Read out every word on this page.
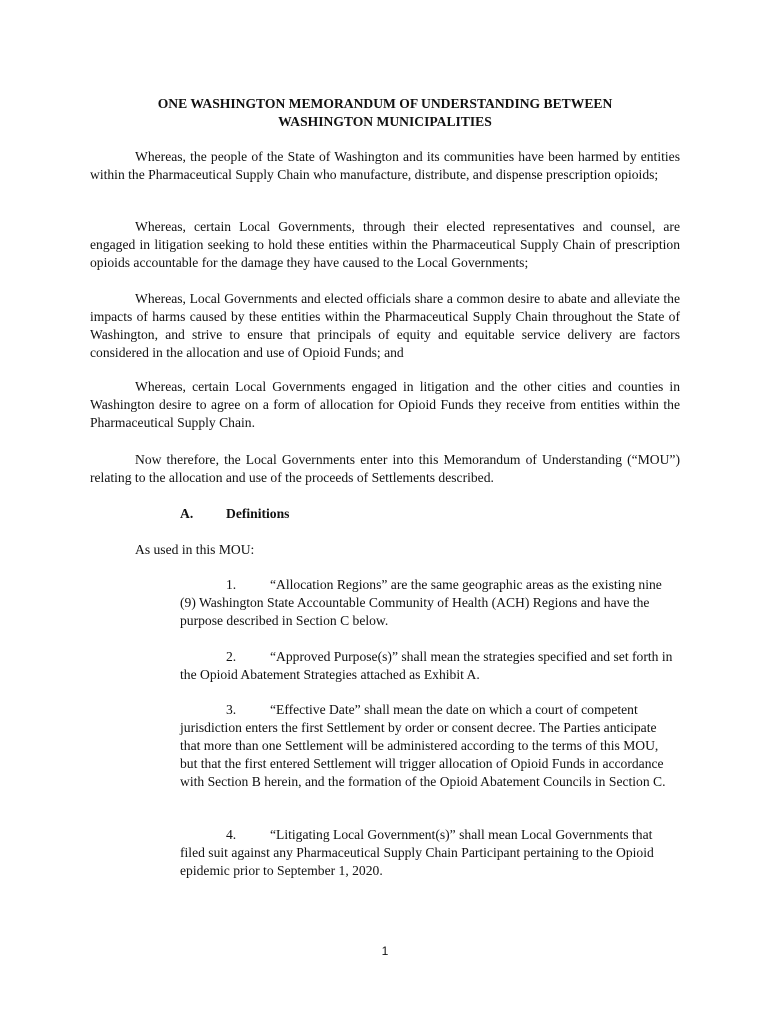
ONE WASHINGTON MEMORANDUM OF UNDERSTANDING BETWEEN
WASHINGTON MUNICIPALITIES

Whereas, the people of the State of Washington and its communities have been harmed by entities within the Pharmaceutical Supply Chain who manufacture, distribute, and dispense prescription opioids;

Whereas, certain Local Governments, through their elected representatives and counsel, are engaged in litigation seeking to hold these entities within the Pharmaceutical Supply Chain of prescription opioids accountable for the damage they have caused to the Local Governments;

Whereas, Local Governments and elected officials share a common desire to abate and alleviate the impacts of harms caused by these entities within the Pharmaceutical Supply Chain throughout the State of Washington, and strive to ensure that principals of equity and equitable service delivery are factors considered in the allocation and use of Opioid Funds; and

Whereas, certain Local Governments engaged in litigation and the other cities and counties in Washington desire to agree on a form of allocation for Opioid Funds they receive from entities within the Pharmaceutical Supply Chain.

Now therefore, the Local Governments enter into this Memorandum of Understanding (“MOU”) relating to the allocation and use of the proceeds of Settlements described.

A. Definitions
As used in this MOU:

1. “Allocation Regions” are the same geographic areas as the existing nine (9) Washington State Accountable Community of Health (ACH) Regions and have the purpose described in Section C below.

2. “Approved Purpose(s)” shall mean the strategies specified and set forth in the Opioid Abatement Strategies attached as Exhibit A.

3. “Effective Date” shall mean the date on which a court of competent jurisdiction enters the first Settlement by order or consent decree. The Parties anticipate that more than one Settlement will be administered according to the terms of this MOU, but that the first entered Settlement will trigger allocation of Opioid Funds in accordance with Section B herein, and the formation of the Opioid Abatement Councils in Section C.

4. “Litigating Local Government(s)” shall mean Local Governments that filed suit against any Pharmaceutical Supply Chain Participant pertaining to the Opioid epidemic prior to September 1, 2020.

1
